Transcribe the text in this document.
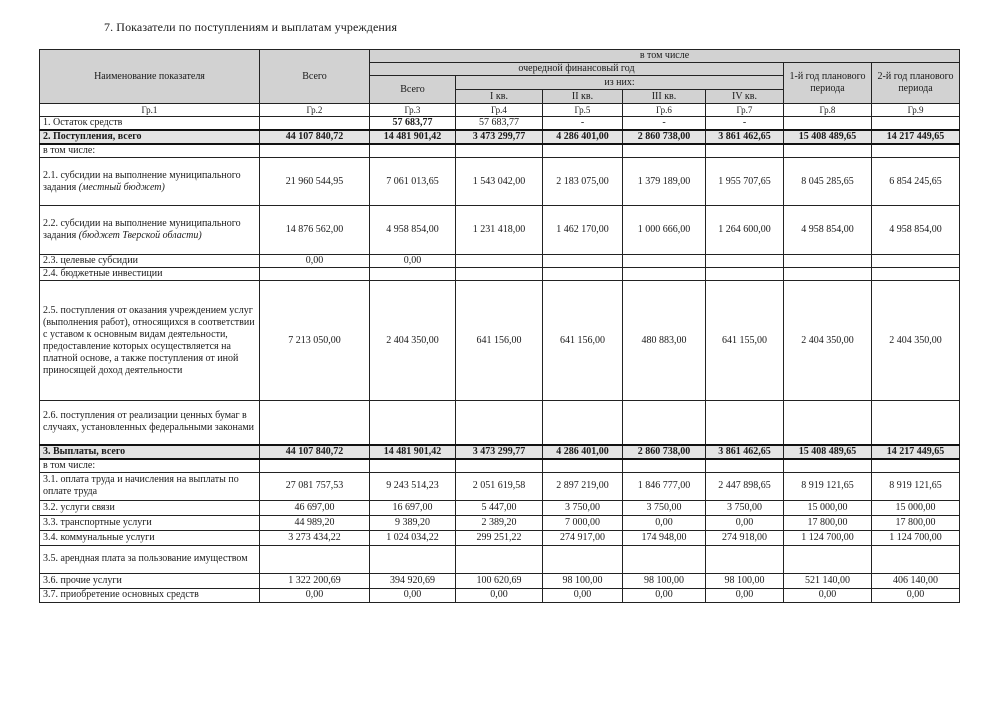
7. Показатели по поступлениям и выплатам учреждения
Наименование показателя	Всего	в том числе						
		очередной финансовый год					1-й год планового периода	2-й год планового периода
		Всего	из них:					
			I кв.	II кв.	III кв.	IV кв.		
Гр.1	Гр.2	Гр.3	Гр.4	Гр.5	Гр.6	Гр.7	Гр.8	Гр.9
1. Остаток средств		57 683,77	57 683,77	-	-	-		
2. Поступления, всего	44 107 840,72	14 481 901,42	3 473 299,77	4 286 401,00	2 860 738,00	3 861 462,65	15 408 489,65	14 217 449,65
в том числе:								
2.1. субсидии на выполнение муниципального задания (местный бюджет)	21 960 544,95	7 061 013,65	1 543 042,00	2 183 075,00	1 379 189,00	1 955 707,65	8 045 285,65	6 854 245,65
2.2. субсидии на выполнение муниципального задания (бюджет Тверской области)	14 876 562,00	4 958 854,00	1 231 418,00	1 462 170,00	1 000 666,00	1 264 600,00	4 958 854,00	4 958 854,00
2.3. целевые субсидии	0,00	0,00						
2.4. бюджетные инвестиции								
2.5. поступления от оказания учреждением услуг (выполнения работ), относящихся в соответствии с уставом к основным видам деятельности, предоставление которых осуществляется на платной основе, а также поступления от иной приносящей доход деятельности	7 213 050,00	2 404 350,00	641 156,00	641 156,00	480 883,00	641 155,00	2 404 350,00	2 404 350,00
2.6. поступления от реализации ценных бумаг в случаях, установленных федеральными законами								
3. Выплаты, всего	44 107 840,72	14 481 901,42	3 473 299,77	4 286 401,00	2 860 738,00	3 861 462,65	15 408 489,65	14 217 449,65
в том числе:								
3.1. оплата труда и начисления на выплаты по оплате труда	27 081 757,53	9 243 514,23	2 051 619,58	2 897 219,00	1 846 777,00	2 447 898,65	8 919 121,65	8 919 121,65
3.2. услуги связи	46 697,00	16 697,00	5 447,00	3 750,00	3 750,00	3 750,00	15 000,00	15 000,00
3.3. транспортные услуги	44 989,20	9 389,20	2 389,20	7 000,00	0,00	0,00	17 800,00	17 800,00
3.4. коммунальные услуги	3 273 434,22	1 024 034,22	299 251,22	274 917,00	174 948,00	274 918,00	1 124 700,00	1 124 700,00
3.5. арендная плата за пользование имуществом								
3.6. прочие услуги	1 322 200,69	394 920,69	100 620,69	98 100,00	98 100,00	98 100,00	521 140,00	406 140,00
3.7. приобретение основных средств	0,00	0,00	0,00	0,00	0,00	0,00	0,00	0,00
